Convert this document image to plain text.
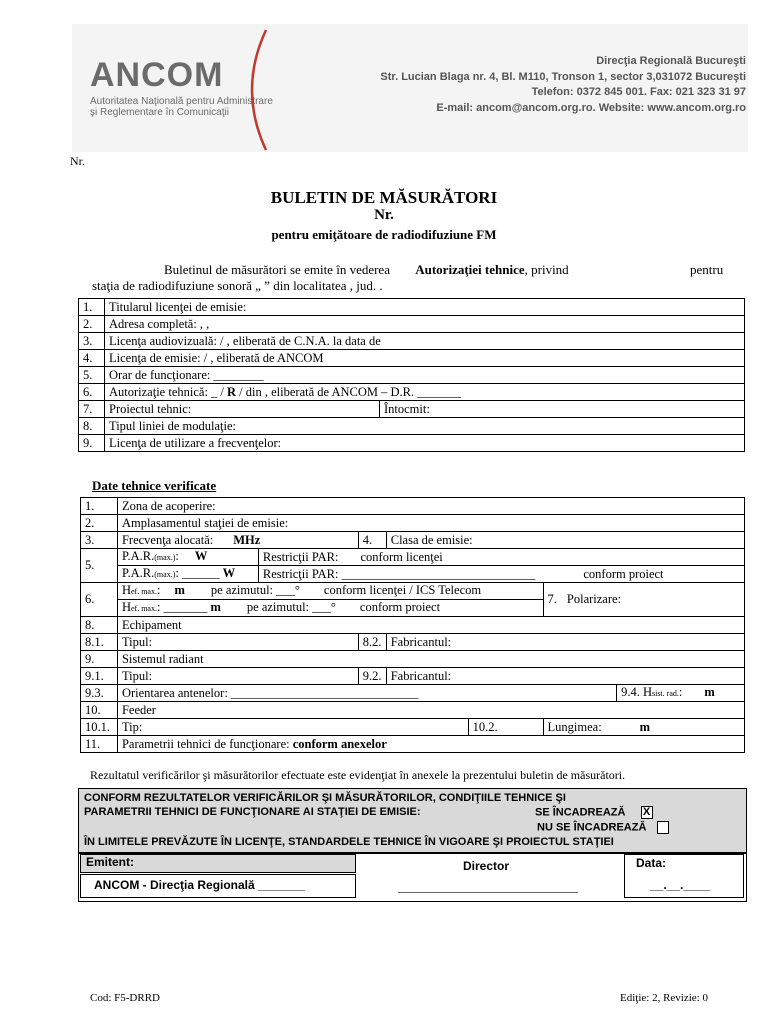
ANCOM
Autoritatea Naţională pentru Administrare
şi Reglementare în Comunicaţii
Direcţia Regională Bucureşti
Str. Lucian Blaga nr. 4, Bl. M110, Tronson 1, sector 3,031072 Bucureşti
Telefon: 0372 845 001. Fax: 021 323 31 97
E-mail: ancom@ancom.org.ro. Website: www.ancom.org.ro
Nr.
BULETIN DE MĂSURĂTORI
Nr.
pentru emiţătoare de radiodifuziune FM
Buletinul de măsurători se emite în vederea Autorizaţiei tehnice, privind	pentru
staţia de radiodifuziune sonoră „ ” din localitatea , jud. .
1.	Titularul licenţei de emisie:	
2.	Adresa completă: , ,	
3.	Licenţa audiovizuală: / , eliberată de C.N.A. la data de	
4.	Licenţa de emisie: / , eliberată de ANCOM	
5.	Orar de funcţionare: ________	
6.	Autorizaţie tehnică: _ / R / din , eliberată de ANCOM – D.R. _______	
7.	Proiectul tehnic:	Întocmit:
8.	Tipul liniei de modulaţie:	
9.	Licenţa de utilizare a frecvenţelor:	
Date tehnice verificate
1.	Zona de acoperire:						
2.	Amplasamentul staţiei de emisie:						
3.	Frecvenţa alocată: MHz		4.	Clasa de emisie:			
5.	P.A.R.(max.): W	Restricţii PAR: conform licenţei					
	P.A.R.(max.): ______ W	Restricţii PAR: _______________________________ conform proiect					
6.	Hef. max.: m pe azimutul: ___° conform licenţei / ICS Telecom					7. Polarizare:	
	Hef. max.: _______ m pe azimutul: ___° conform proiect						
8.	Echipament						
8.1.	Tipul:		8.2.	Fabricantul:			
9.	Sistemul radiant						
9.1.	Tipul:		9.2.	Fabricantul:			
9.3.	Orientarea antenelor: ______________________________						9.4. Hsist. rad.: m
10.	Feeder						
10.1.	Tip:				10.2.	Lungimea: m	
11.	Parametrii tehnici de funcţionare: conform anexelor						
Rezultatul verificărilor şi măsurătorilor efectuate este evidenţiat în anexele la prezentului buletin de măsurători.
CONFORM REZULTATELOR VERIFICĂRILOR ŞI MĂSURĂTORILOR, CONDIŢIILE TEHNICE ŞI
PARAMETRII TEHNICI DE FUNCŢIONARE AI STAŢIEI DE EMISIE:	SE ÎNCADREAZĂ X
NU SE ÎNCADREAZĂ
ÎN LIMITELE PREVĂZUTE ÎN LICENŢE, STANDARDELE TEHNICE ÎN VIGOARE ŞI PROIECTUL STAŢIEI
Emitent:
ANCOM - Direcţia Regională _______
Director
______________________________
Data:
__.__.____
Cod: F5-DRRD	Ediţie: 2, Revizie: 0
